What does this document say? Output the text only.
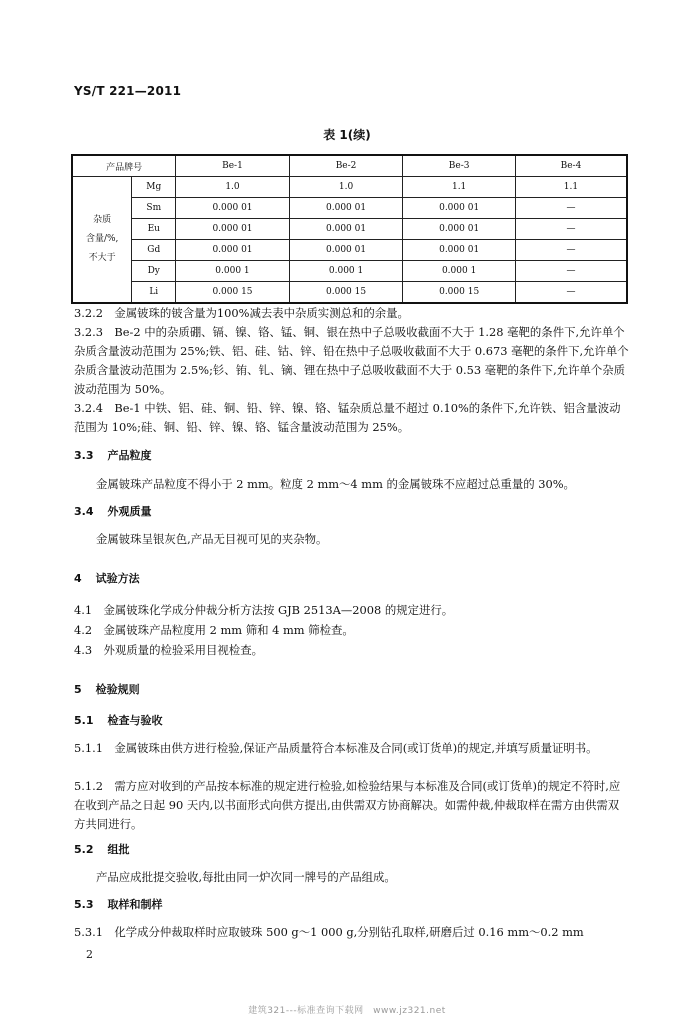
YS/T 221—2011
表 1(续)
产品牌号		Be-1	Be-2	Be-3	Be-4

杂质
含量/%,
不大于	Mg	1.0	1.0	1.1	1.1
	Sm	0.000 01	0.000 01	0.000 01	—
	Eu	0.000 01	0.000 01	0.000 01	—
	Gd	0.000 01	0.000 01	0.000 01	—
	Dy	0.000 1	0.000 1	0.000 1	—
	Li	0.000 15	0.000 15	0.000 15	—
3.2.2　金属铍珠的铍含量为100%减去表中杂质实测总和的余量。
3.2.3　Be-2 中的杂质硼、镉、镍、铬、锰、铜、银在热中子总吸收截面不大于 1.28 毫靶的条件下,允许单个杂质含量波动范围为 25%;铁、铝、硅、钴、锌、铅在热中子总吸收截面不大于 0.673 毫靶的条件下,允许单个杂质含量波动范围为 2.5%;钐、铕、钆、镝、锂在热中子总吸收截面不大于 0.53 毫靶的条件下,允许单个杂质波动范围为 50%。
3.2.4　Be-1 中铁、铝、硅、铜、铅、锌、镍、铬、锰杂质总量不超过 0.10%的条件下,允许铁、铝含量波动范围为 10%;硅、铜、铅、锌、镍、铬、锰含量波动范围为 25%。
3.3 产品粒度
金属铍珠产品粒度不得小于 2 mm。粒度 2 mm～4 mm 的金属铍珠不应超过总重量的 30%。
3.4 外观质量
金属铍珠呈银灰色,产品无目视可见的夹杂物。
4 试验方法
4.1　金属铍珠化学成分仲裁分析方法按 GJB 2513A—2008 的规定进行。
4.2　金属铍珠产品粒度用 2 mm 筛和 4 mm 筛检查。
4.3　外观质量的检验采用目视检查。
5 检验规则
5.1 检查与验收
5.1.1　金属铍珠由供方进行检验,保证产品质量符合本标准及合同(或订货单)的规定,并填写质量证明书。
5.1.2　需方应对收到的产品按本标准的规定进行检验,如检验结果与本标准及合同(或订货单)的规定不符时,应在收到产品之日起 90 天内,以书面形式向供方提出,由供需双方协商解决。如需仲裁,仲裁取样在需方由供需双方共同进行。
5.2 组批
产品应成批提交验收,每批由同一炉次同一牌号的产品组成。
5.3 取样和制样
5.3.1　化学成分仲裁取样时应取铍珠 500 g～1 000 g,分别钻孔取样,研磨后过 0.16 mm～0.2 mm
2
建筑321---标准查询下载网　www.jz321.net
